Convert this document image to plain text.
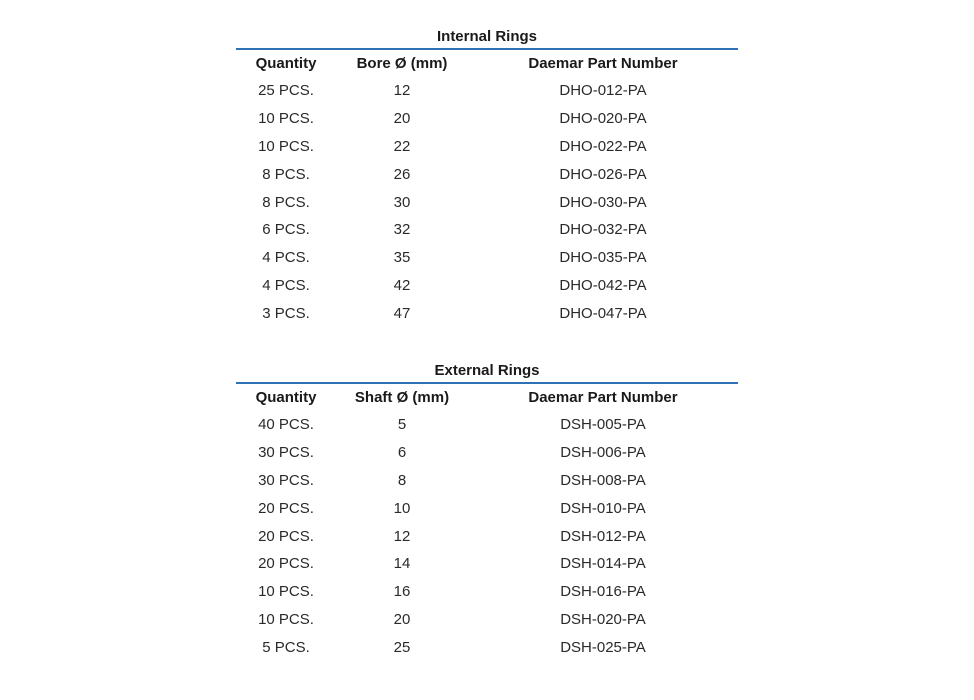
Internal Rings
Quantity	Bore Ø (mm)	Daemar Part Number
25 PCS.	12	DHO-012-PA
10 PCS.	20	DHO-020-PA
10 PCS.	22	DHO-022-PA
8 PCS.	26	DHO-026-PA
8 PCS.	30	DHO-030-PA
6 PCS.	32	DHO-032-PA
4 PCS.	35	DHO-035-PA
4 PCS.	42	DHO-042-PA
3 PCS.	47	DHO-047-PA
External Rings
Quantity	Shaft Ø (mm)	Daemar Part Number
40 PCS.	5	DSH-005-PA
30 PCS.	6	DSH-006-PA
30 PCS.	8	DSH-008-PA
20 PCS.	10	DSH-010-PA
20 PCS.	12	DSH-012-PA
20 PCS.	14	DSH-014-PA
10 PCS.	16	DSH-016-PA
10 PCS.	20	DSH-020-PA
5 PCS.	25	DSH-025-PA
